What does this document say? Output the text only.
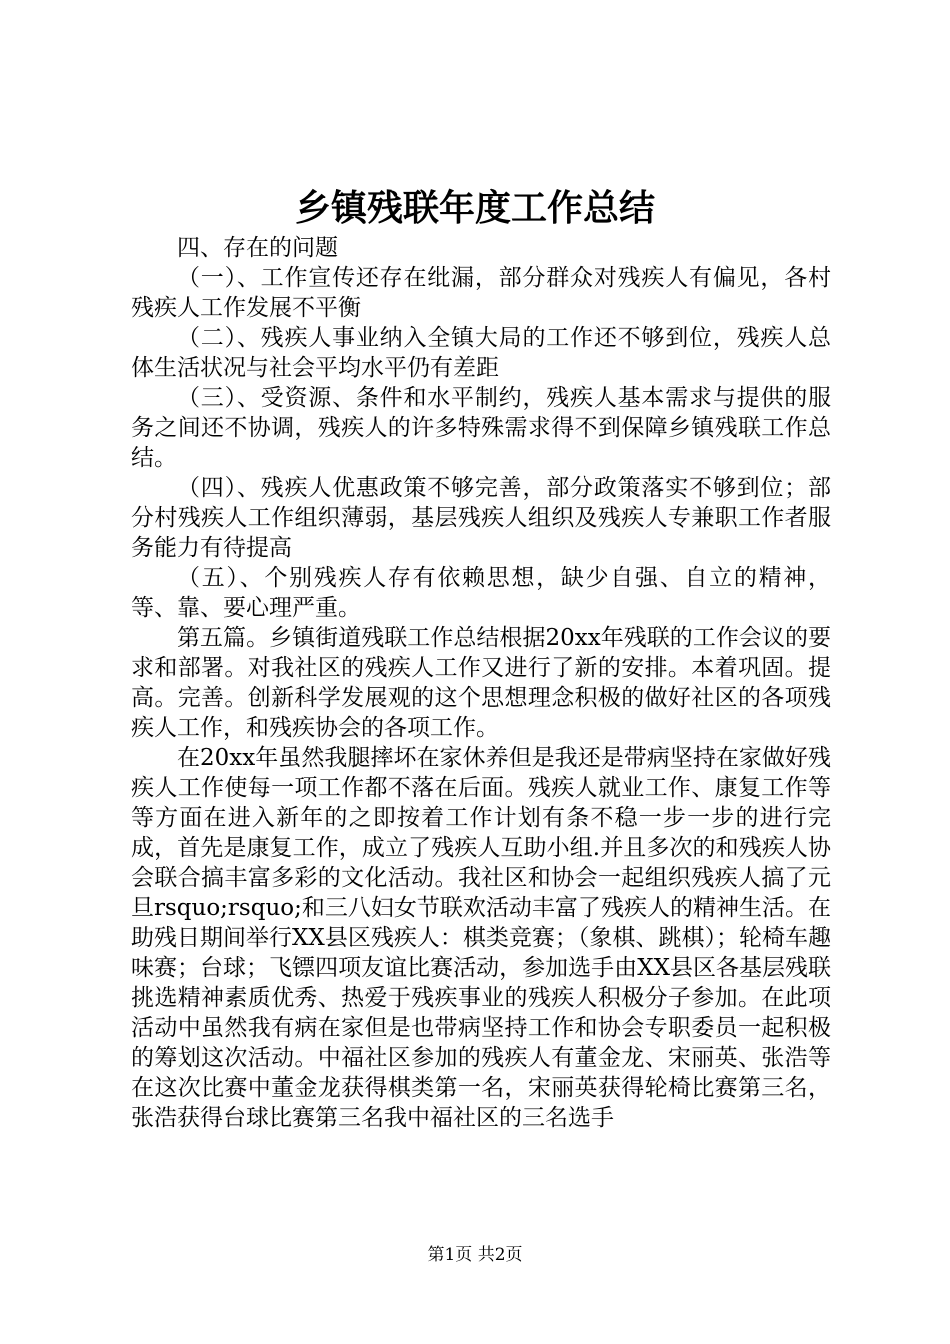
乡镇残联年度工作总结

四、存在的问题

（一）、工作宣传还存在纰漏，部分群众对残疾人有偏见，各村残疾人工作发展不平衡

（二）、残疾人事业纳入全镇大局的工作还不够到位，残疾人总体生活状况与社会平均水平仍有差距

（三）、受资源、条件和水平制约，残疾人基本需求与提供的服务之间还不协调，残疾人的许多特殊需求得不到保障乡镇残联工作总结。

（四）、残疾人优惠政策不够完善，部分政策落实不够到位；部分村残疾人工作组织薄弱，基层残疾人组织及残疾人专兼职工作者服务能力有待提高

（五）、个别残疾人存有依赖思想，缺少自强、自立的精神，等、靠、要心理严重。

第五篇。乡镇街道残联工作总结根据20xx年残联的工作会议的要求和部署。对我社区的残疾人工作又进行了新的安排。本着巩固。提高。完善。创新科学发展观的这个思想理念积极的做好社区的各项残疾人工作，和残疾协会的各项工作。

在20xx年虽然我腿摔坏在家休养但是我还是带病坚持在家做好残疾人工作使每一项工作都不落在后面。残疾人就业工作、康复工作等等方面在进入新年的之即按着工作计划有条不稳一步一步的进行完成，首先是康复工作，成立了残疾人互助小组.并且多次的和残疾人协会联合搞丰富多彩的文化活动。我社区和协会一起组织残疾人搞了元旦rsquo;rsquo;和三八妇女节联欢活动丰富了残疾人的精神生活。在助残日期间举行XX县区残疾人：棋类竞赛；（象棋、跳棋）；轮椅车趣味赛；台球；飞镖四项友谊比赛活动，参加选手由XX县区各基层残联挑选精神素质优秀、热爱于残疾事业的残疾人积极分子参加。在此项活动中虽然我有病在家但是也带病坚持工作和协会专职委员一起积极的筹划这次活动。中福社区参加的残疾人有董金龙、宋丽英、张浩等在这次比赛中董金龙获得棋类第一名，宋丽英获得轮椅比赛第三名，张浩获得台球比赛第三名我中福社区的三名选手

第1页 共2页
